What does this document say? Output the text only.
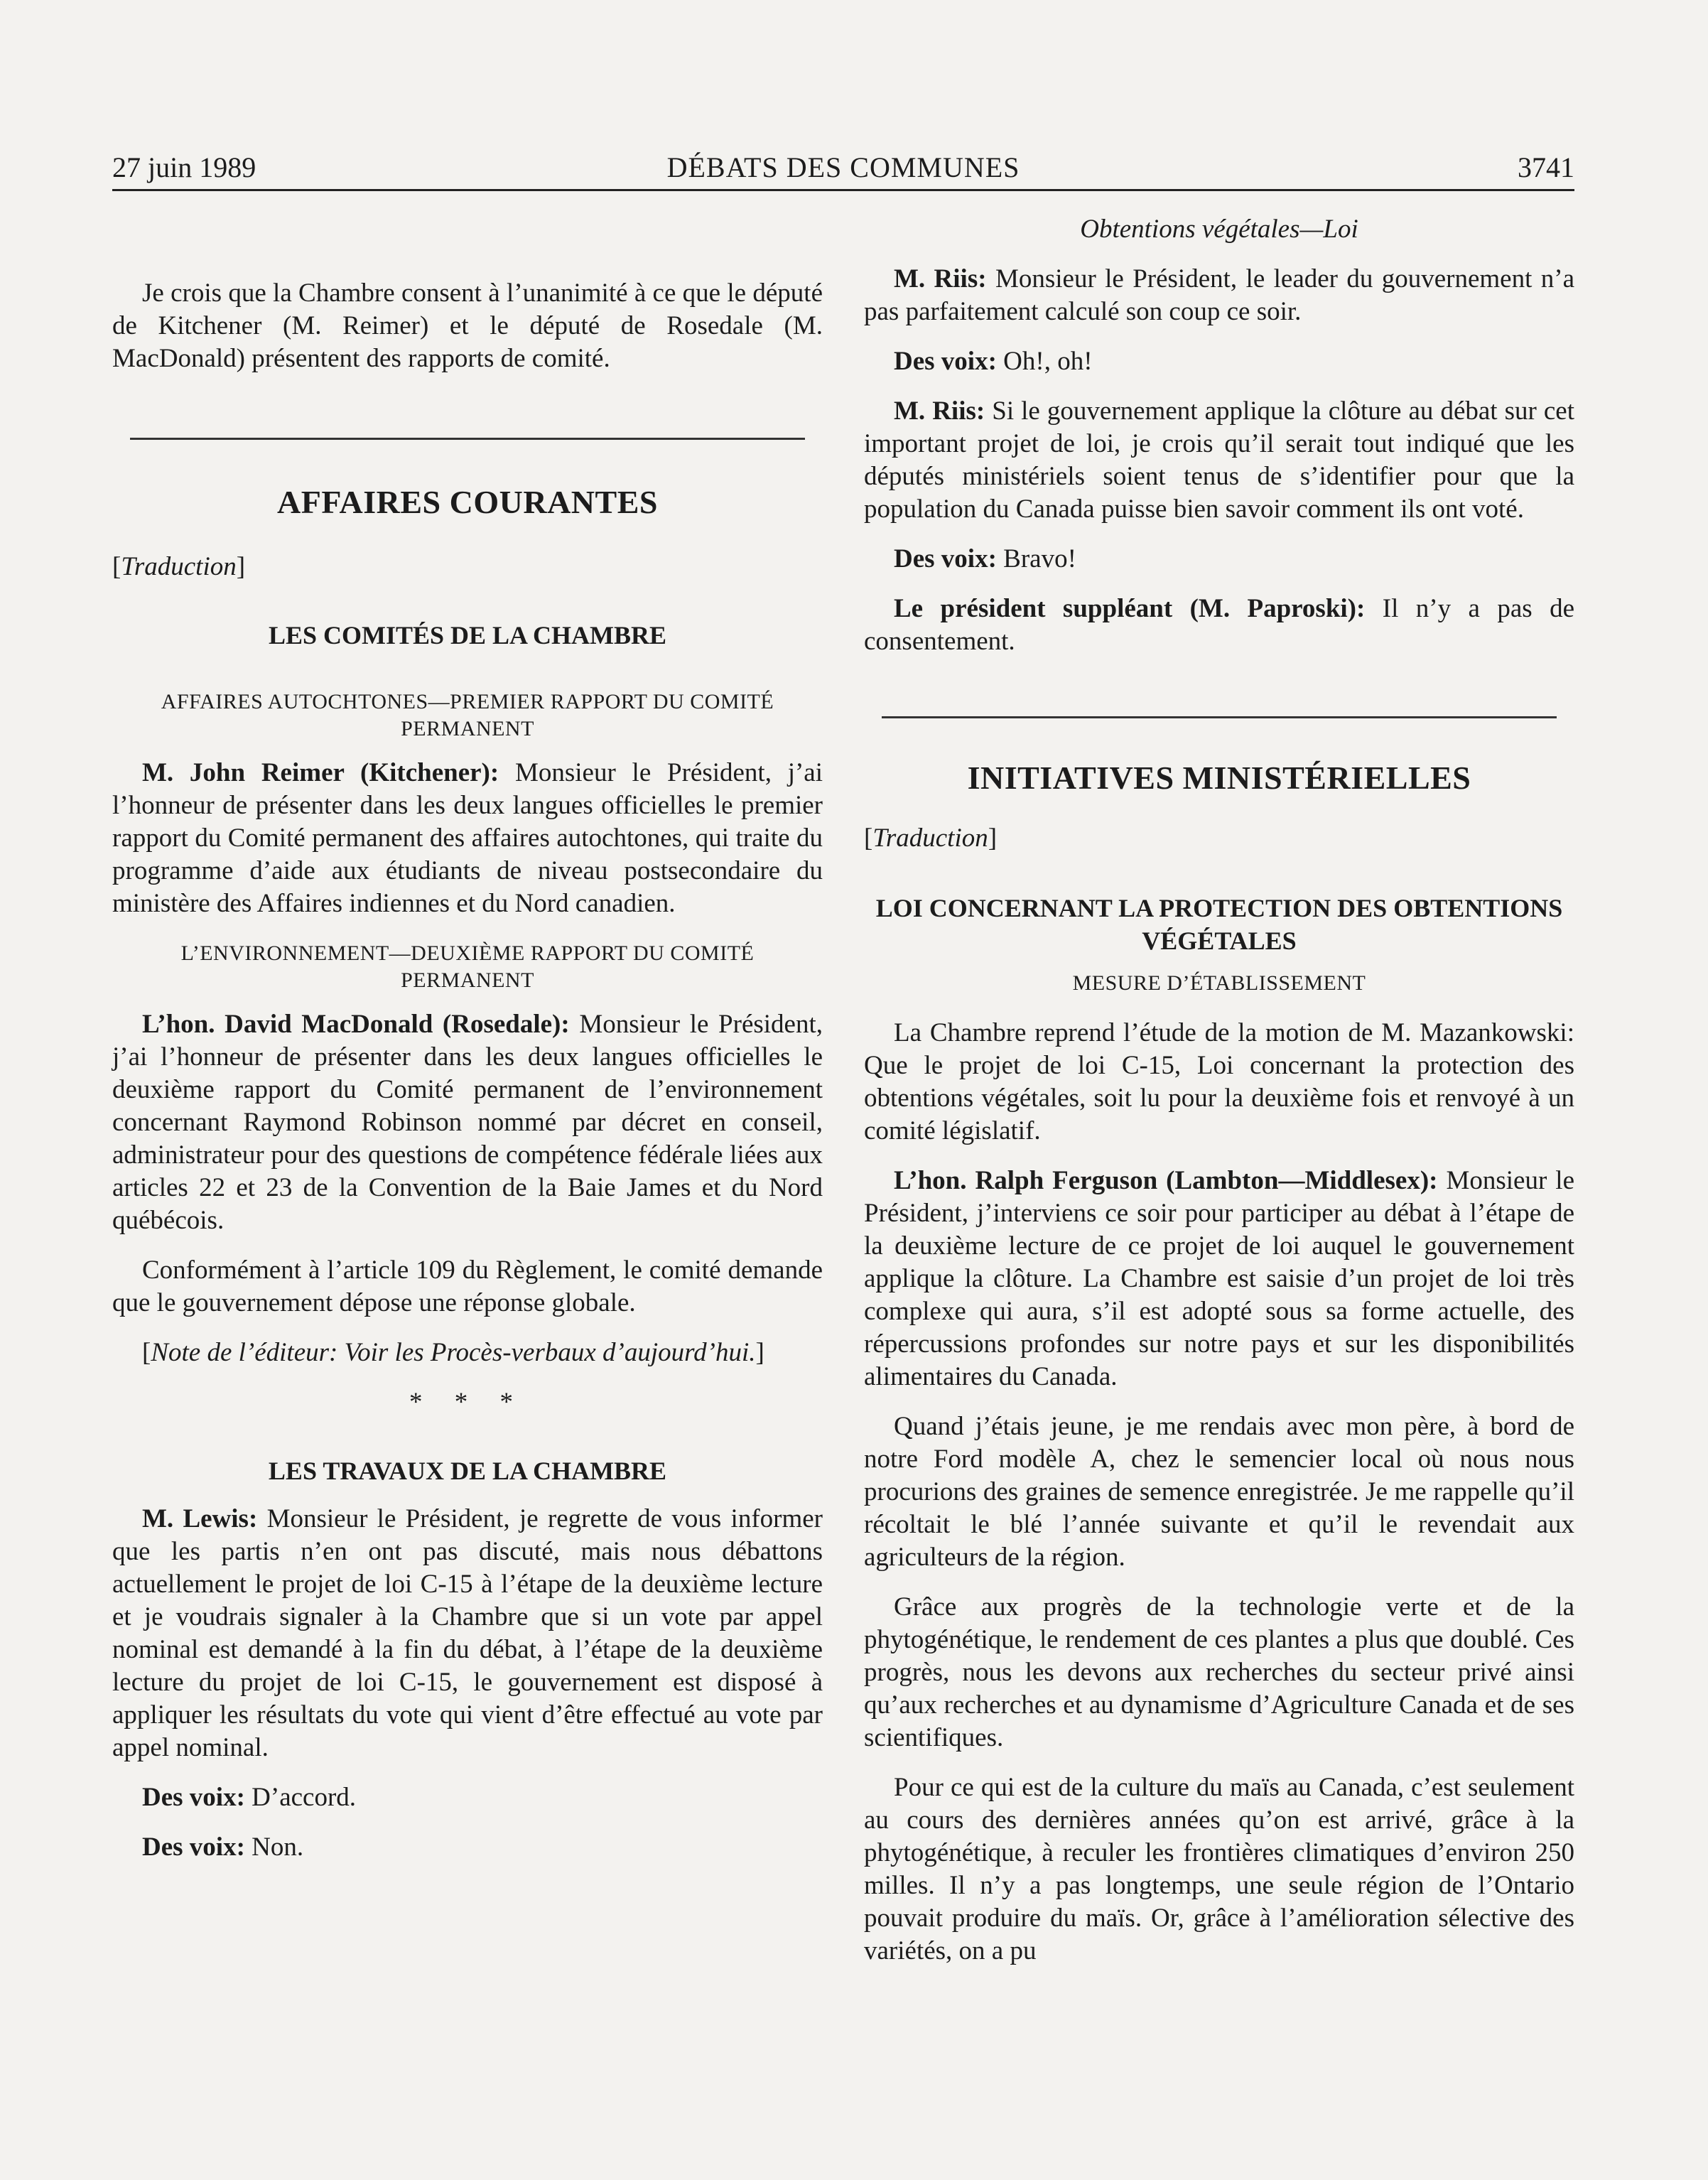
27 juin 1989	DÉBATS DES COMMUNES	3741

Je crois que la Chambre consent à l’unanimité à ce que le député de Kitchener (M. Reimer) et le député de Rosedale (M. MacDonald) présentent des rapports de comité.

AFFAIRES COURANTES

[Traduction]

LES COMITÉS DE LA CHAMBRE
AFFAIRES AUTOCHTONES—PREMIER RAPPORT DU COMITÉ PERMANENT

M. John Reimer (Kitchener): Monsieur le Président, j’ai l’honneur de présenter dans les deux langues officielles le premier rapport du Comité permanent des affaires autochtones, qui traite du programme d’aide aux étudiants de niveau postsecondaire du ministère des Affaires indiennes et du Nord canadien.

L’ENVIRONNEMENT—DEUXIÈME RAPPORT DU COMITÉ PERMANENT

L’hon. David MacDonald (Rosedale): Monsieur le Président, j’ai l’honneur de présenter dans les deux langues officielles le deuxième rapport du Comité permanent de l’environnement concernant Raymond Robinson nommé par décret en conseil, administrateur pour des questions de compétence fédérale liées aux articles 22 et 23 de la Convention de la Baie James et du Nord québécois.

Conformément à l’article 109 du Règlement, le comité demande que le gouvernement dépose une réponse globale.

[Note de l’éditeur: Voir les Procès-verbaux d’aujourd’hui.]

* * *

LES TRAVAUX DE LA CHAMBRE

M. Lewis: Monsieur le Président, je regrette de vous informer que les partis n’en ont pas discuté, mais nous débattons actuellement le projet de loi C-15 à l’étape de la deuxième lecture et je voudrais signaler à la Chambre que si un vote par appel nominal est demandé à la fin du débat, à l’étape de la deuxième lecture du projet de loi C-15, le gouvernement est disposé à appliquer les résultats du vote qui vient d’être effectué au vote par appel nominal.

Des voix: D’accord.

Des voix: Non.

Obtentions végétales—Loi

M. Riis: Monsieur le Président, le leader du gouvernement n’a pas parfaitement calculé son coup ce soir.

Des voix: Oh!, oh!

M. Riis: Si le gouvernement applique la clôture au débat sur cet important projet de loi, je crois qu’il serait tout indiqué que les députés ministériels soient tenus de s’identifier pour que la population du Canada puisse bien savoir comment ils ont voté.

Des voix: Bravo!

Le président suppléant (M. Paproski): Il n’y a pas de consentement.

INITIATIVES MINISTÉRIELLES

[Traduction]

LOI CONCERNANT LA PROTECTION DES OBTENTIONS VÉGÉTALES
MESURE D’ÉTABLISSEMENT

La Chambre reprend l’étude de la motion de M. Mazankowski: Que le projet de loi C-15, Loi concernant la protection des obtentions végétales, soit lu pour la deuxième fois et renvoyé à un comité législatif.

L’hon. Ralph Ferguson (Lambton—Middlesex): Monsieur le Président, j’interviens ce soir pour participer au débat à l’étape de la deuxième lecture de ce projet de loi auquel le gouvernement applique la clôture. La Chambre est saisie d’un projet de loi très complexe qui aura, s’il est adopté sous sa forme actuelle, des répercussions profondes sur notre pays et sur les disponibilités alimentaires du Canada.

Quand j’étais jeune, je me rendais avec mon père, à bord de notre Ford modèle A, chez le semencier local où nous nous procurions des graines de semence enregistrée. Je me rappelle qu’il récoltait le blé l’année suivante et qu’il le revendait aux agriculteurs de la région.

Grâce aux progrès de la technologie verte et de la phytogénétique, le rendement de ces plantes a plus que doublé. Ces progrès, nous les devons aux recherches du secteur privé ainsi qu’aux recherches et au dynamisme d’Agriculture Canada et de ses scientifiques.

Pour ce qui est de la culture du maïs au Canada, c’est seulement au cours des dernières années qu’on est arrivé, grâce à la phytogénétique, à reculer les frontières climatiques d’environ 250 milles. Il n’y a pas longtemps, une seule région de l’Ontario pouvait produire du maïs. Or, grâce à l’amélioration sélective des variétés, on a pu
